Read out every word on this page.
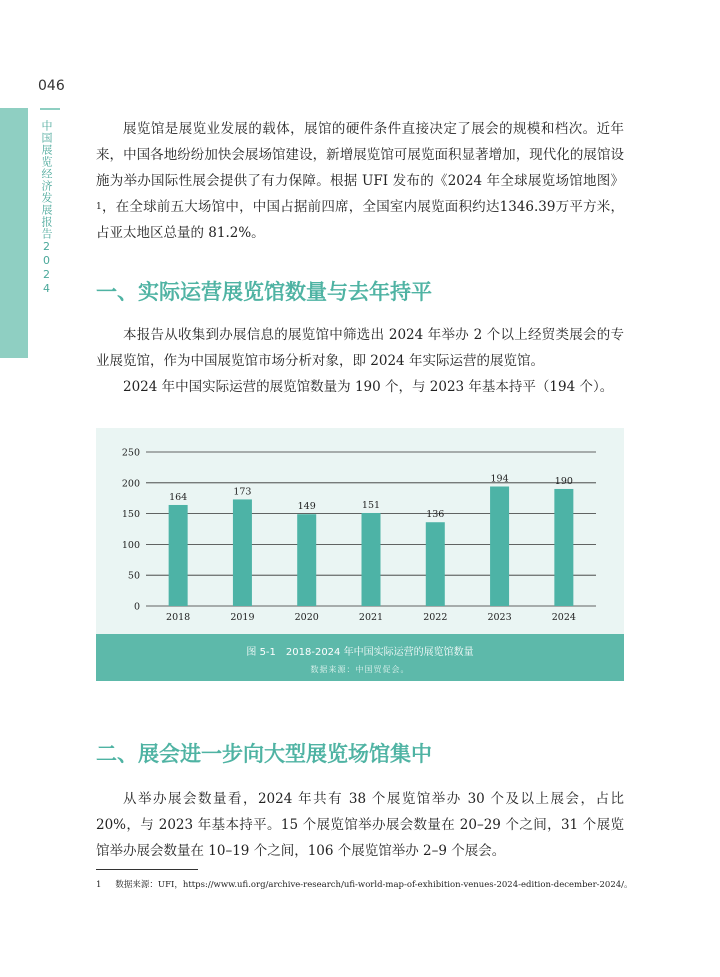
046
中国展览经济发展报告2024	展览馆是展览业发展的载体，展馆的硬件条件直接决定了展会的规模和档次。近年来，中国各地纷纷加快会展场馆建设，新增展览馆可展览面积显著增加，现代化的展馆设施为举办国际性展会提供了有力保障。根据 UFI 发布的《2024 年全球展览场馆地图》$^1$，在全球前五大场馆中，中国占据前四席，全国室内展览面积约达1346.39万平方米，占亚太地区总量的 81.2%。

一、实际运营展览馆数量与去年持平

本报告从收集到办展信息的展览馆中筛选出 2024 年举办 2 个以上经贸类展会的专业展览馆，作为中国展览馆市场分析对象，即 2024 年实际运营的展览馆。

2024 年中国实际运营的展览馆数量为 190 个，与 2023 年基本持平（194 个）。

0
50
100
150
200
250
164
2018
173
2019
149
2020
151
2021
136
2022
194
2023
190
2024
图 5-1　2018-2024 年中国实际运营的展览馆数量
数据来源：中国贸促会。
二、展会进一步向大型展览场馆集中

从举办展会数量看，2024 年共有 38 个展览馆举办 30 个及以上展会，占比 20%，与 2023 年基本持平。15 个展览馆举办展会数量在 20–29 个之间，31 个展览馆举办展会数量在 10–19 个之间，106 个展览馆举办 2–9 个展会。

1 数据来源：UFI，https://www.ufi.org/archive-research/ufi-world-map-of-exhibition-venues-2024-edition-december-2024/。
